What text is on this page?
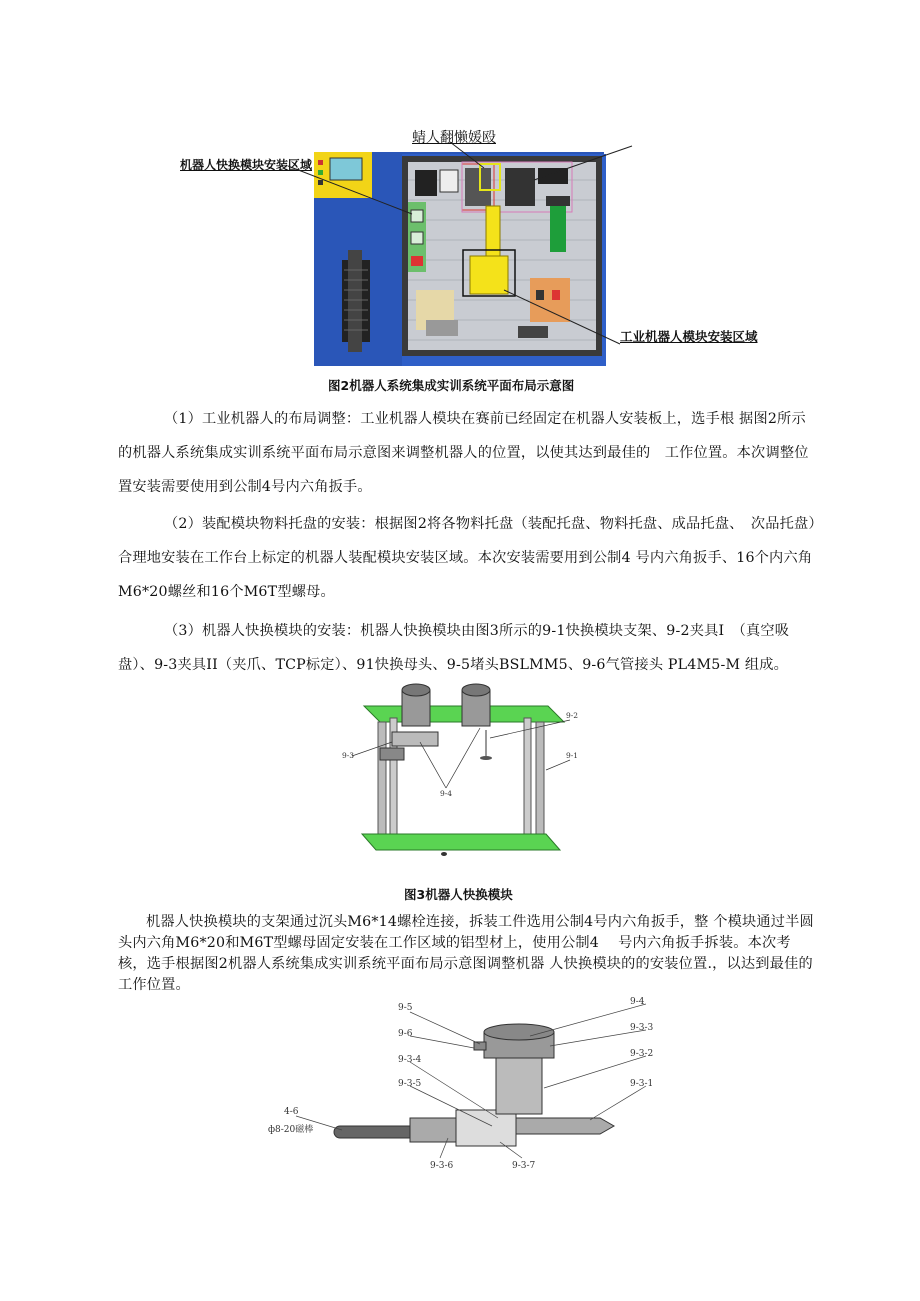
蜻人翻懒媛殴
机器人快换模块安装区域
工业机器人模块安装区域
图2机器人系统集成实训系统平面布局示意图
（1）工业机器人的布局调整：工业机器人模块在赛前已经固定在机器人安装板上，选手根 据图2所示的机器人系统集成实训系统平面布局示意图来调整机器人的位置，以使其达到最佳的　工作位置。本次调整位置安装需要使用到公制4号内六角扳手。
（2）装配模块物料托盘的安装：根据图2将各物料托盘（装配托盘、物料托盘、成品托盘、　次品托盘）合理地安装在工作台上标定的机器人装配模块安装区域。本次安装需要用到公制4 号内六角扳手、16个内六角M6*20螺丝和16个M6T型螺母。
（3）机器人快换模块的安装：机器人快换模块由图3所示的9-1快换模块支架、9-2夹具I　（真空吸盘）、9-3夹具II（夹爪、TCP标定）、91快换母头、9-5堵头BSLMM5、9-6气管接头 PL4M5-M 组成。
9-3
9-2
9-1
9-4
图3机器人快换模块
机器人快换模块的支架通过沉头M6*14螺栓连接，拆装工件选用公制4号内六角扳手，整 个模块通过半圆头内六角M6*20和M6T型螺母固定安装在工作区域的铝型材上，使用公制4　 号内六角扳手拆装。本次考核，选手根据图2机器人系统集成实训系统平面布局示意图调整机器 人快换模块的的安装位置.，以达到最佳的工作位置。
9-5
9-6
9-3-4
9-3-5
4-6
ф8-20磁棒
9-4
9-3-3
9-3-2
9-3-1
9-3-6	9-3-7
